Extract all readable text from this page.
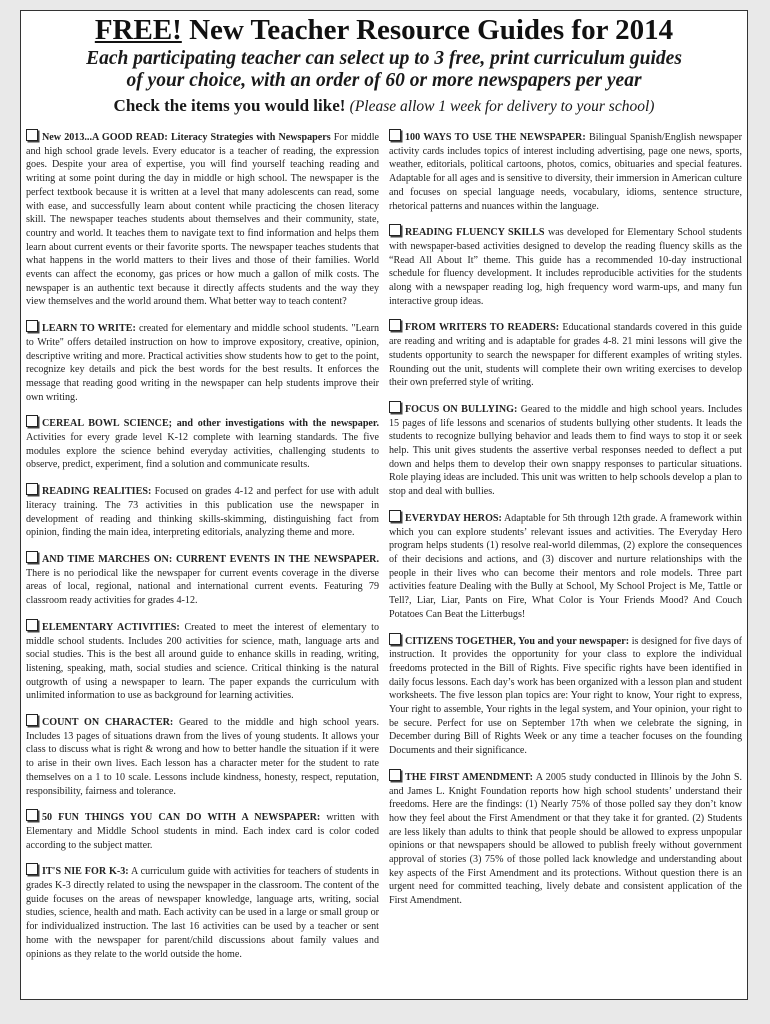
FREE! New Teacher Resource Guides for 2014
Each participating teacher can select up to 3 free, print curriculum guides
of your choice, with an order of 60 or more newspapers per year
Check the items you would like! (Please allow 1 week for delivery to your school)
New 2013...A GOOD READ: Literacy Strategies with Newspapers For middle and high school grade levels. Every educator is a teacher of reading, the expression goes. Despite your area of expertise, you will find yourself teaching reading and writing at some point during the day in middle or high school. The newspaper is the perfect textbook because it is written at a level that many adolescents can read, some with ease, and successfully learn about content while practicing the chosen literacy skill. The newspaper teaches students about themselves and their community, state, country and world. It teaches them to navigate text to find information and helps them learn about current events or their favorite sports. The newspaper teaches students that what happens in the world matters to their lives and those of their families. World events can affect the economy, gas prices or how much a gallon of milk costs. The newspaper is an authentic text because it directly affects students and the way they view themselves and the world around them. What better way to teach content?
LEARN TO WRITE: created for elementary and middle school students. "Learn to Write" offers detailed instruction on how to improve expository, creative, opinion, descriptive writing and more. Practical activities show students how to get to the point, recognize key details and pick the best words for the best results. It enforces the message that reading good writing in the newspaper can help students improve their own writing.
CEREAL BOWL SCIENCE; and other investigations with the newspaper. Activities for every grade level K-12 complete with learning standards. The five modules explore the science behind everyday activities, challenging students to observe, predict, experiment, find a solution and communicate results.
READING REALITIES: Focused on grades 4-12 and perfect for use with adult literacy training. The 73 activities in this publication use the newspaper in development of reading and thinking skills-skimming, distinguishing fact from opinion, finding the main idea, interpreting editorials, analyzing theme and more.
AND TIME MARCHES ON: CURRENT EVENTS IN THE NEWSPAPER. There is no periodical like the newspaper for current events coverage in the diverse areas of local, regional, national and international current events. Featuring 79 classroom ready activities for grades 4-12.
ELEMENTARY ACTIVITIES: Created to meet the interest of elementary to middle school students. Includes 200 activities for science, math, language arts and social studies. This is the best all around guide to enhance skills in reading, writing, listening, speaking, math, social studies and science. Critical thinking is the natural outgrowth of using a newspaper to learn. The paper expands the curriculum with unlimited information to use as background for learning activities.
COUNT ON CHARACTER: Geared to the middle and high school years. Includes 13 pages of situations drawn from the lives of young students. It allows your class to discuss what is right & wrong and how to better handle the situation if it were to arise in their own lives. Each lesson has a character meter for the student to rate themselves on a 1 to 10 scale. Lessons include kindness, honesty, respect, reputation, responsibility, fairness and tolerance.
50 FUN THINGS YOU CAN DO WITH A NEWSPAPER: written with Elementary and Middle School students in mind. Each index card is color coded according to the subject matter.
IT'S NIE FOR K-3: A curriculum guide with activities for teachers of students in grades K-3 directly related to using the newspaper in the classroom. The content of the guide focuses on the areas of newspaper knowledge, language arts, writing, social studies, science, health and math. Each activity can be used in a large or small group or for individualized instruction. The last 16 activities can be used by a teacher or sent home with the newspaper for parent/child discussions about family values and opinions as they relate to the world outside the home.
100 WAYS TO USE THE NEWSPAPER: Bilingual Spanish/English newspaper activity cards includes topics of interest including advertising, page one news, sports, weather, editorials, political cartoons, photos, comics, obituaries and special features. Adaptable for all ages and is sensitive to diversity, their immersion in American culture and focuses on special language needs, vocabulary, idioms, sentence structure, rhetorical patterns and nuances within the language.
READING FLUENCY SKILLS was developed for Elementary School students with newspaper-based activities designed to develop the reading fluency skills as the “Read All About It” theme. This guide has a recommended 10-day instructional schedule for fluency development. It includes reproducible activities for the students along with a newspaper reading log, high frequency word warm-ups, and many fun interactive group ideas.
FROM WRITERS TO READERS: Educational standards covered in this guide are reading and writing and is adaptable for grades 4-8. 21 mini lessons will give the students opportunity to search the newspaper for different examples of writing styles. Rounding out the unit, students will complete their own writing exercises to develop their own preferred style of writing.
FOCUS ON BULLYING: Geared to the middle and high school years. Includes 15 pages of life lessons and scenarios of students bullying other students. It leads the students to recognize bullying behavior and leads them to find ways to stop it or seek help. This unit gives students the assertive verbal responses needed to deflect a put down and helps them to develop their own snappy responses to particular situations. Role playing ideas are included. This unit was written to help schools develop a plan to stop and deal with bullies.
EVERYDAY HEROS: Adaptable for 5th through 12th grade. A framework within which you can explore students’ relevant issues and activities. The Everyday Hero program helps students (1) resolve real-world dilemmas, (2) explore the consequences of their decisions and actions, and (3) discover and nurture relationships with the people in their lives who can become their mentors and role models. Three part activities feature Dealing with the Bully at School, My School Project is Me, Tattle or Tell?, Liar, Liar, Pants on Fire, What Color is Your Friends Mood? And Couch Potatoes Can Beat the Litterbugs!
CITIZENS TOGETHER, You and your newspaper: is designed for five days of instruction. It provides the opportunity for your class to explore the individual freedoms protected in the Bill of Rights. Five specific rights have been identified in daily focus lessons. Each day’s work has been organized with a lesson plan and student worksheets. The five lesson plan topics are: Your right to know, Your right to express, Your right to assemble, Your rights in the legal system, and Your opinion, your right to be secure. Perfect for use on September 17th when we celebrate the signing, in December during Bill of Rights Week or any time a teacher focuses on the founding Documents and their significance.
THE FIRST AMENDMENT: A 2005 study conducted in Illinois by the John S. and James L. Knight Foundation reports how high school students’ understand their freedoms. Here are the findings: (1) Nearly 75% of those polled say they don’t know how they feel about the First Amendment or that they take it for granted. (2) Students are less likely than adults to think that people should be allowed to express unpopular opinions or that newspapers should be allowed to publish freely without government approval of stories (3) 75% of those polled lack knowledge and understanding about key aspects of the First Amendment and its protections. Without question there is an urgent need for committed teaching, lively debate and consistent application of the First Amendment.
